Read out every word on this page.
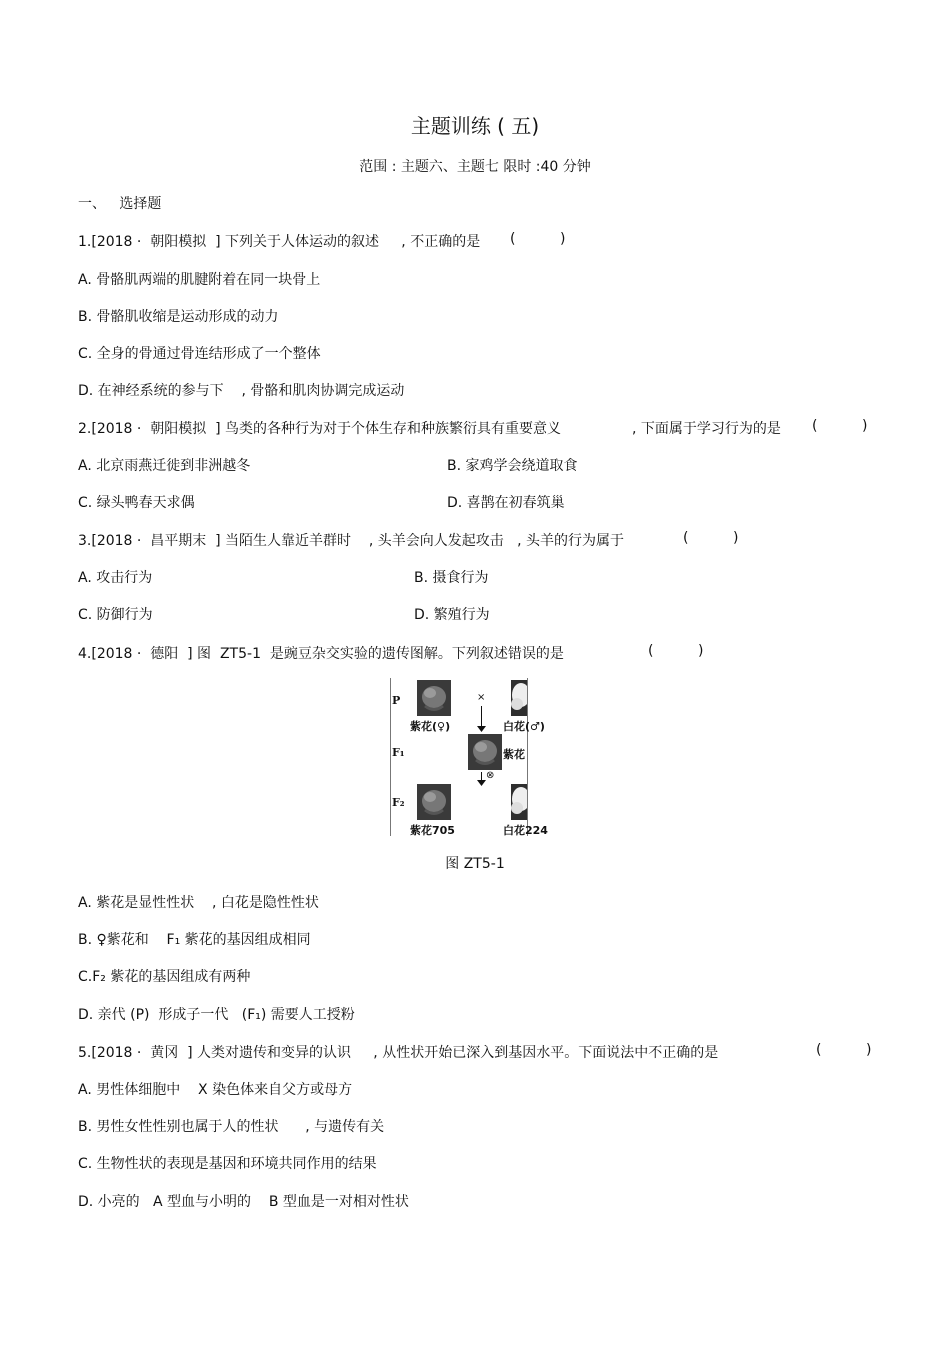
主题训练 ( 五)
范围 : 主题六、主题七 限时 :40 分钟
一、   选择题
1.[2018 ·  朝阳模拟  ] 下列关于人体运动的叙述     , 不正确的是 (          )
A. 骨骼肌两端的肌腱附着在同一块骨上
B. 骨骼肌收缩是运动形成的动力
C. 全身的骨通过骨连结形成了一个整体
D. 在神经系统的参与下    , 骨骼和肌肉协调完成运动
2.[2018 ·  朝阳模拟  ] 鸟类的各种行为对于个体生存和种族繁衍具有重要意义	, 下面属于学习行为的是 (          )
A. 北京雨燕迁徙到非洲越冬	B. 家鸡学会绕道取食
C. 绿头鸭春天求偶	D. 喜鹊在初春筑巢
3.[2018 ·  昌平期末  ] 当陌生人靠近羊群时    , 头羊会向人发起攻击   , 头羊的行为属于	(          )
A. 攻击行为	B. 摄食行为
C. 防御行为	D. 繁殖行为
4.[2018 ·  德阳  ] 图  ZT5-1  是豌豆杂交实验的遗传图解。下列叙述错误的是	(          )
P
F₁
F₂
紫花(♀)
×
白花(♂)
紫花
⊗
紫花705	白花224
图 ZT5-1
A. 紫花是显性性状    , 白花是隐性性状
B. ♀紫花和    F₁ 紫花的基因组成相同
C.F₂ 紫花的基因组成有两种
D. 亲代 (P)  形成子一代   (F₁) 需要人工授粉
5.[2018 ·  黄冈  ] 人类对遗传和变异的认识     , 从性状开始已深入到基因水平。下面说法中不正确的是	(          )
A. 男性体细胞中    X 染色体来自父方或母方
B. 男性女性性别也属于人的性状      , 与遗传有关
C. 生物性状的表现是基因和环境共同作用的结果
D. 小亮的   A 型血与小明的    B 型血是一对相对性状
